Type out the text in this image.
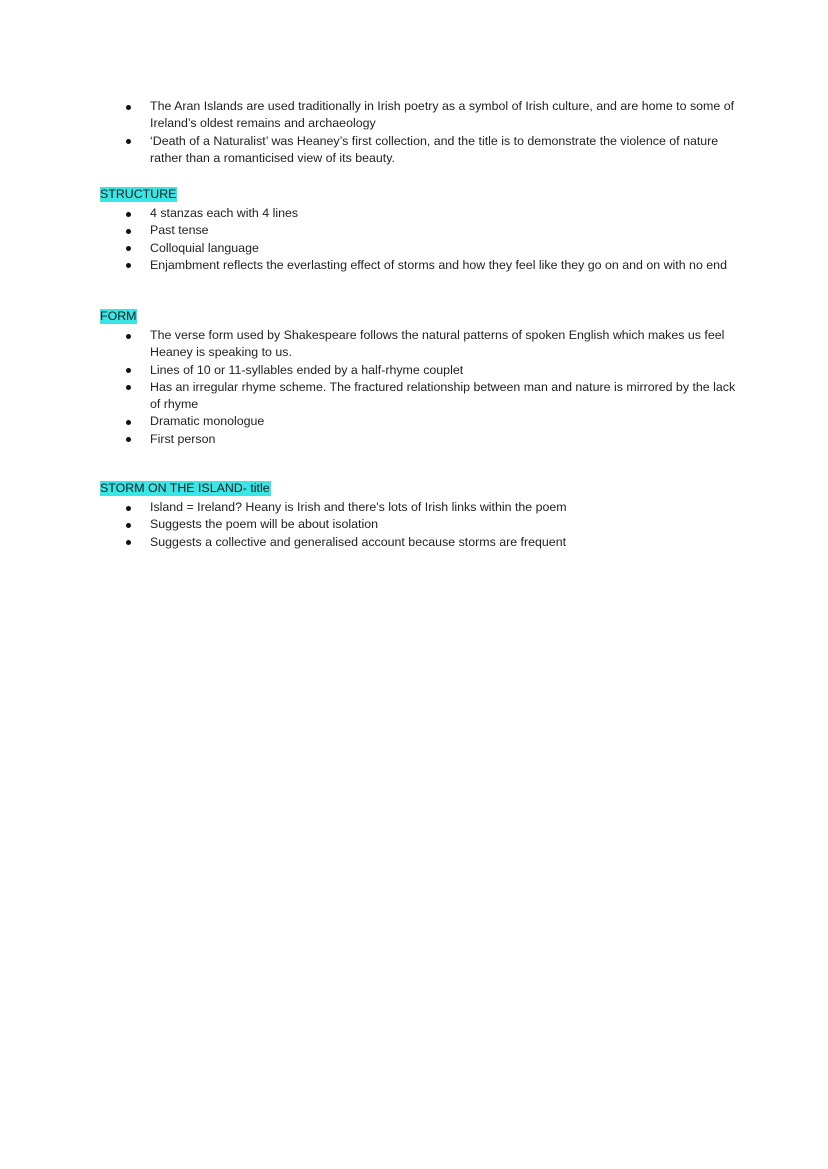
The Aran Islands are used traditionally in Irish poetry as a symbol of Irish culture, and are home to some of Ireland’s oldest remains and archaeology
‘Death of a Naturalist’ was Heaney’s first collection, and the title is to demonstrate the violence of nature rather than a romanticised view of its beauty.
STRUCTURE
4 stanzas each with 4 lines
Past tense
Colloquial language
Enjambment reflects the everlasting effect of storms and how they feel like they go on and on with no end
FORM
The verse form used by Shakespeare follows the natural patterns of spoken English which makes us feel Heaney is speaking to us.
Lines of 10 or 11-syllables ended by a half-rhyme couplet
Has an irregular rhyme scheme. The fractured relationship between man and nature is mirrored by the lack of rhyme
Dramatic monologue
First person
STORM ON THE ISLAND- title
Island = Ireland? Heany is Irish and there's lots of Irish links within the poem
Suggests the poem will be about isolation
Suggests a collective and generalised account because storms are frequent
